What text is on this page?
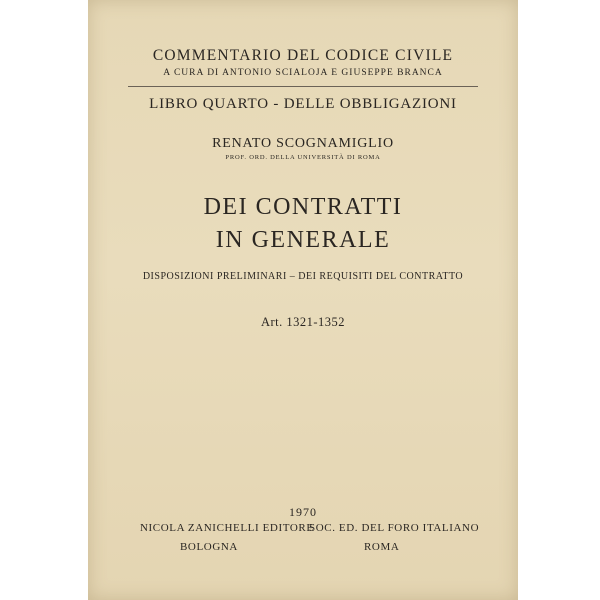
COMMENTARIO DEL CODICE CIVILE
A CURA DI ANTONIO SCIALOJA E GIUSEPPE BRANCA
LIBRO QUARTO - DELLE OBBLIGAZIONI
RENATO SCOGNAMIGLIO
PROF. ORD. DELLA UNIVERSITÀ DI ROMA
DEI CONTRATTI
IN GENERALE
DISPOSIZIONI PRELIMINARI – DEI REQUISITI DEL CONTRATTO
Art. 1321-1352
1970
NICOLA ZANICHELLI EDITORE
SOC. ED. DEL FORO ITALIANO
BOLOGNA	ROMA
